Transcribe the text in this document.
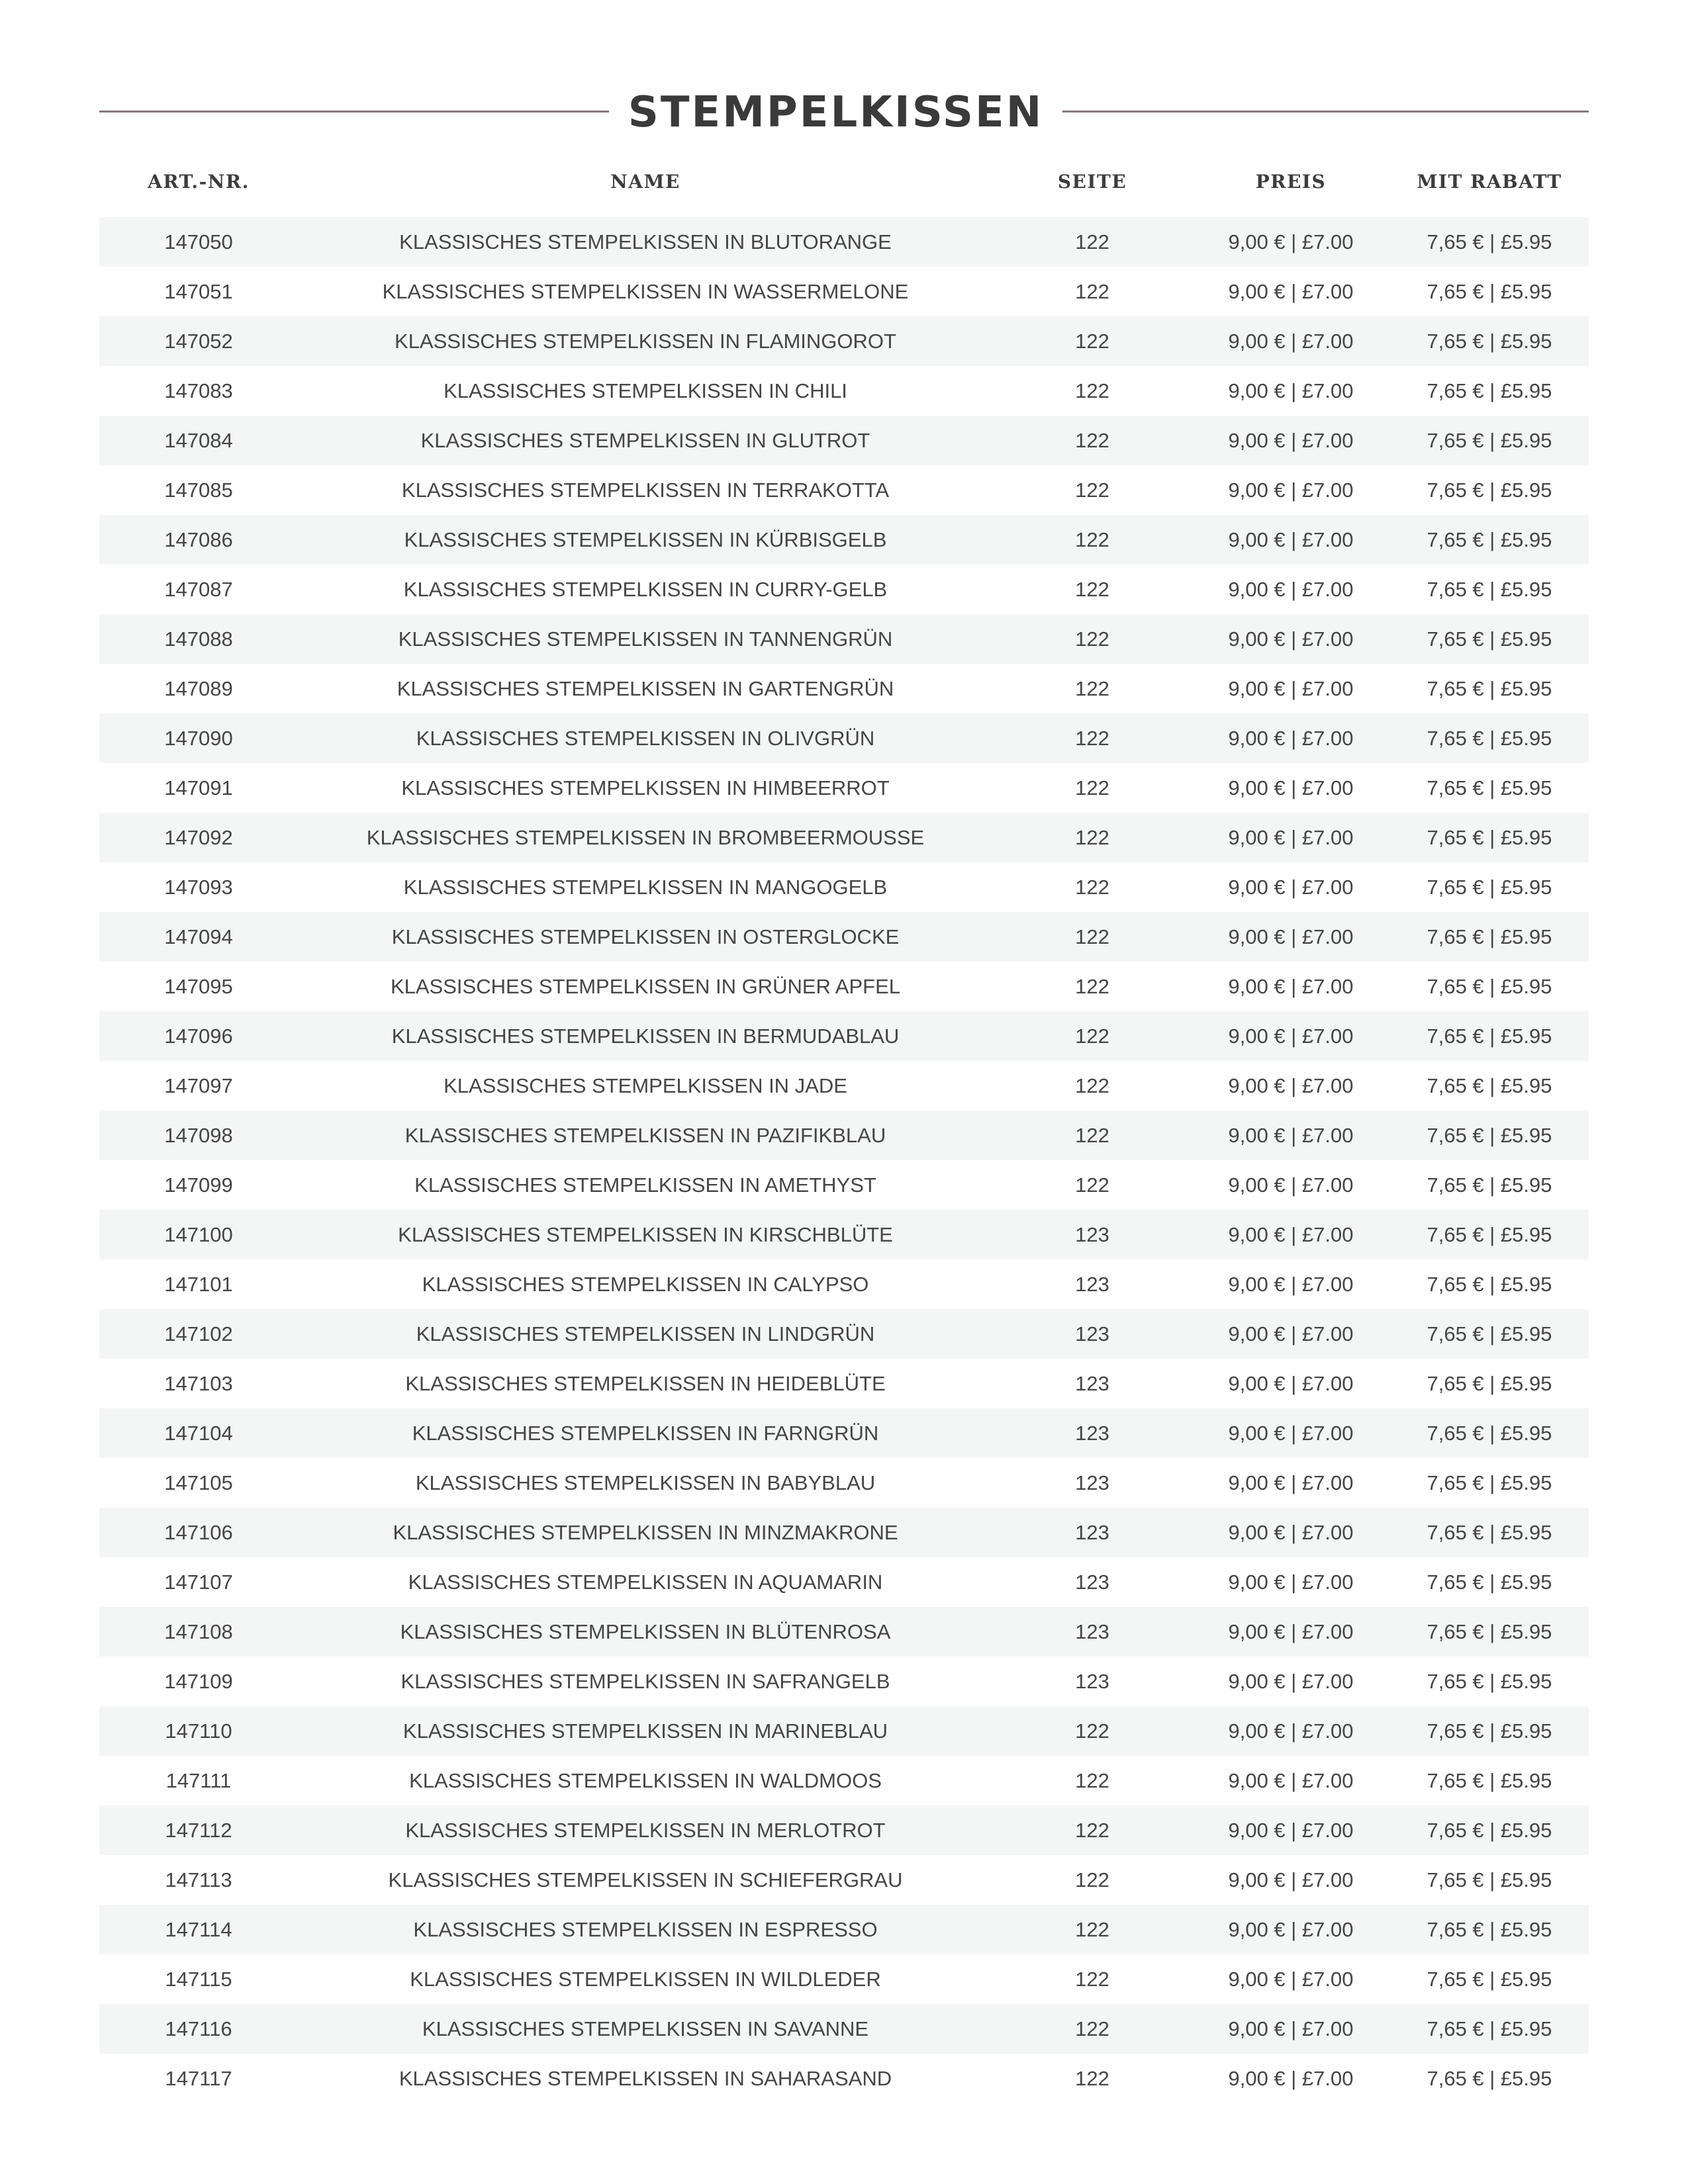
STEMPELKISSEN
ART.-NR.	NAME	SEITE	PREIS	MIT RABATT
147050	KLASSISCHES STEMPELKISSEN IN BLUTORANGE	122	9,00 € | £7.00	7,65 € | £5.95
147051	KLASSISCHES STEMPELKISSEN IN WASSERMELONE	122	9,00 € | £7.00	7,65 € | £5.95
147052	KLASSISCHES STEMPELKISSEN IN FLAMINGOROT	122	9,00 € | £7.00	7,65 € | £5.95
147083	KLASSISCHES STEMPELKISSEN IN CHILI	122	9,00 € | £7.00	7,65 € | £5.95
147084	KLASSISCHES STEMPELKISSEN IN GLUTROT	122	9,00 € | £7.00	7,65 € | £5.95
147085	KLASSISCHES STEMPELKISSEN IN TERRAKOTTA	122	9,00 € | £7.00	7,65 € | £5.95
147086	KLASSISCHES STEMPELKISSEN IN KÜRBISGELB	122	9,00 € | £7.00	7,65 € | £5.95
147087	KLASSISCHES STEMPELKISSEN IN CURRY-GELB	122	9,00 € | £7.00	7,65 € | £5.95
147088	KLASSISCHES STEMPELKISSEN IN TANNENGRÜN	122	9,00 € | £7.00	7,65 € | £5.95
147089	KLASSISCHES STEMPELKISSEN IN GARTENGRÜN	122	9,00 € | £7.00	7,65 € | £5.95
147090	KLASSISCHES STEMPELKISSEN IN OLIVGRÜN	122	9,00 € | £7.00	7,65 € | £5.95
147091	KLASSISCHES STEMPELKISSEN IN HIMBEERROT	122	9,00 € | £7.00	7,65 € | £5.95
147092	KLASSISCHES STEMPELKISSEN IN BROMBEERMOUSSE	122	9,00 € | £7.00	7,65 € | £5.95
147093	KLASSISCHES STEMPELKISSEN IN MANGOGELB	122	9,00 € | £7.00	7,65 € | £5.95
147094	KLASSISCHES STEMPELKISSEN IN OSTERGLOCKE	122	9,00 € | £7.00	7,65 € | £5.95
147095	KLASSISCHES STEMPELKISSEN IN GRÜNER APFEL	122	9,00 € | £7.00	7,65 € | £5.95
147096	KLASSISCHES STEMPELKISSEN IN BERMUDABLAU	122	9,00 € | £7.00	7,65 € | £5.95
147097	KLASSISCHES STEMPELKISSEN IN JADE	122	9,00 € | £7.00	7,65 € | £5.95
147098	KLASSISCHES STEMPELKISSEN IN PAZIFIKBLAU	122	9,00 € | £7.00	7,65 € | £5.95
147099	KLASSISCHES STEMPELKISSEN IN AMETHYST	122	9,00 € | £7.00	7,65 € | £5.95
147100	KLASSISCHES STEMPELKISSEN IN KIRSCHBLÜTE	123	9,00 € | £7.00	7,65 € | £5.95
147101	KLASSISCHES STEMPELKISSEN IN CALYPSO	123	9,00 € | £7.00	7,65 € | £5.95
147102	KLASSISCHES STEMPELKISSEN IN LINDGRÜN	123	9,00 € | £7.00	7,65 € | £5.95
147103	KLASSISCHES STEMPELKISSEN IN HEIDEBLÜTE	123	9,00 € | £7.00	7,65 € | £5.95
147104	KLASSISCHES STEMPELKISSEN IN FARNGRÜN	123	9,00 € | £7.00	7,65 € | £5.95
147105	KLASSISCHES STEMPELKISSEN IN BABYBLAU	123	9,00 € | £7.00	7,65 € | £5.95
147106	KLASSISCHES STEMPELKISSEN IN MINZMAKRONE	123	9,00 € | £7.00	7,65 € | £5.95
147107	KLASSISCHES STEMPELKISSEN IN AQUAMARIN	123	9,00 € | £7.00	7,65 € | £5.95
147108	KLASSISCHES STEMPELKISSEN IN BLÜTENROSA	123	9,00 € | £7.00	7,65 € | £5.95
147109	KLASSISCHES STEMPELKISSEN IN SAFRANGELB	123	9,00 € | £7.00	7,65 € | £5.95
147110	KLASSISCHES STEMPELKISSEN IN MARINEBLAU	122	9,00 € | £7.00	7,65 € | £5.95
147111	KLASSISCHES STEMPELKISSEN IN WALDMOOS	122	9,00 € | £7.00	7,65 € | £5.95
147112	KLASSISCHES STEMPELKISSEN IN MERLOTROT	122	9,00 € | £7.00	7,65 € | £5.95
147113	KLASSISCHES STEMPELKISSEN IN SCHIEFERGRAU	122	9,00 € | £7.00	7,65 € | £5.95
147114	KLASSISCHES STEMPELKISSEN IN ESPRESSO	122	9,00 € | £7.00	7,65 € | £5.95
147115	KLASSISCHES STEMPELKISSEN IN WILDLEDER	122	9,00 € | £7.00	7,65 € | £5.95
147116	KLASSISCHES STEMPELKISSEN IN SAVANNE	122	9,00 € | £7.00	7,65 € | £5.95
147117	KLASSISCHES STEMPELKISSEN IN SAHARASAND	122	9,00 € | £7.00	7,65 € | £5.95
